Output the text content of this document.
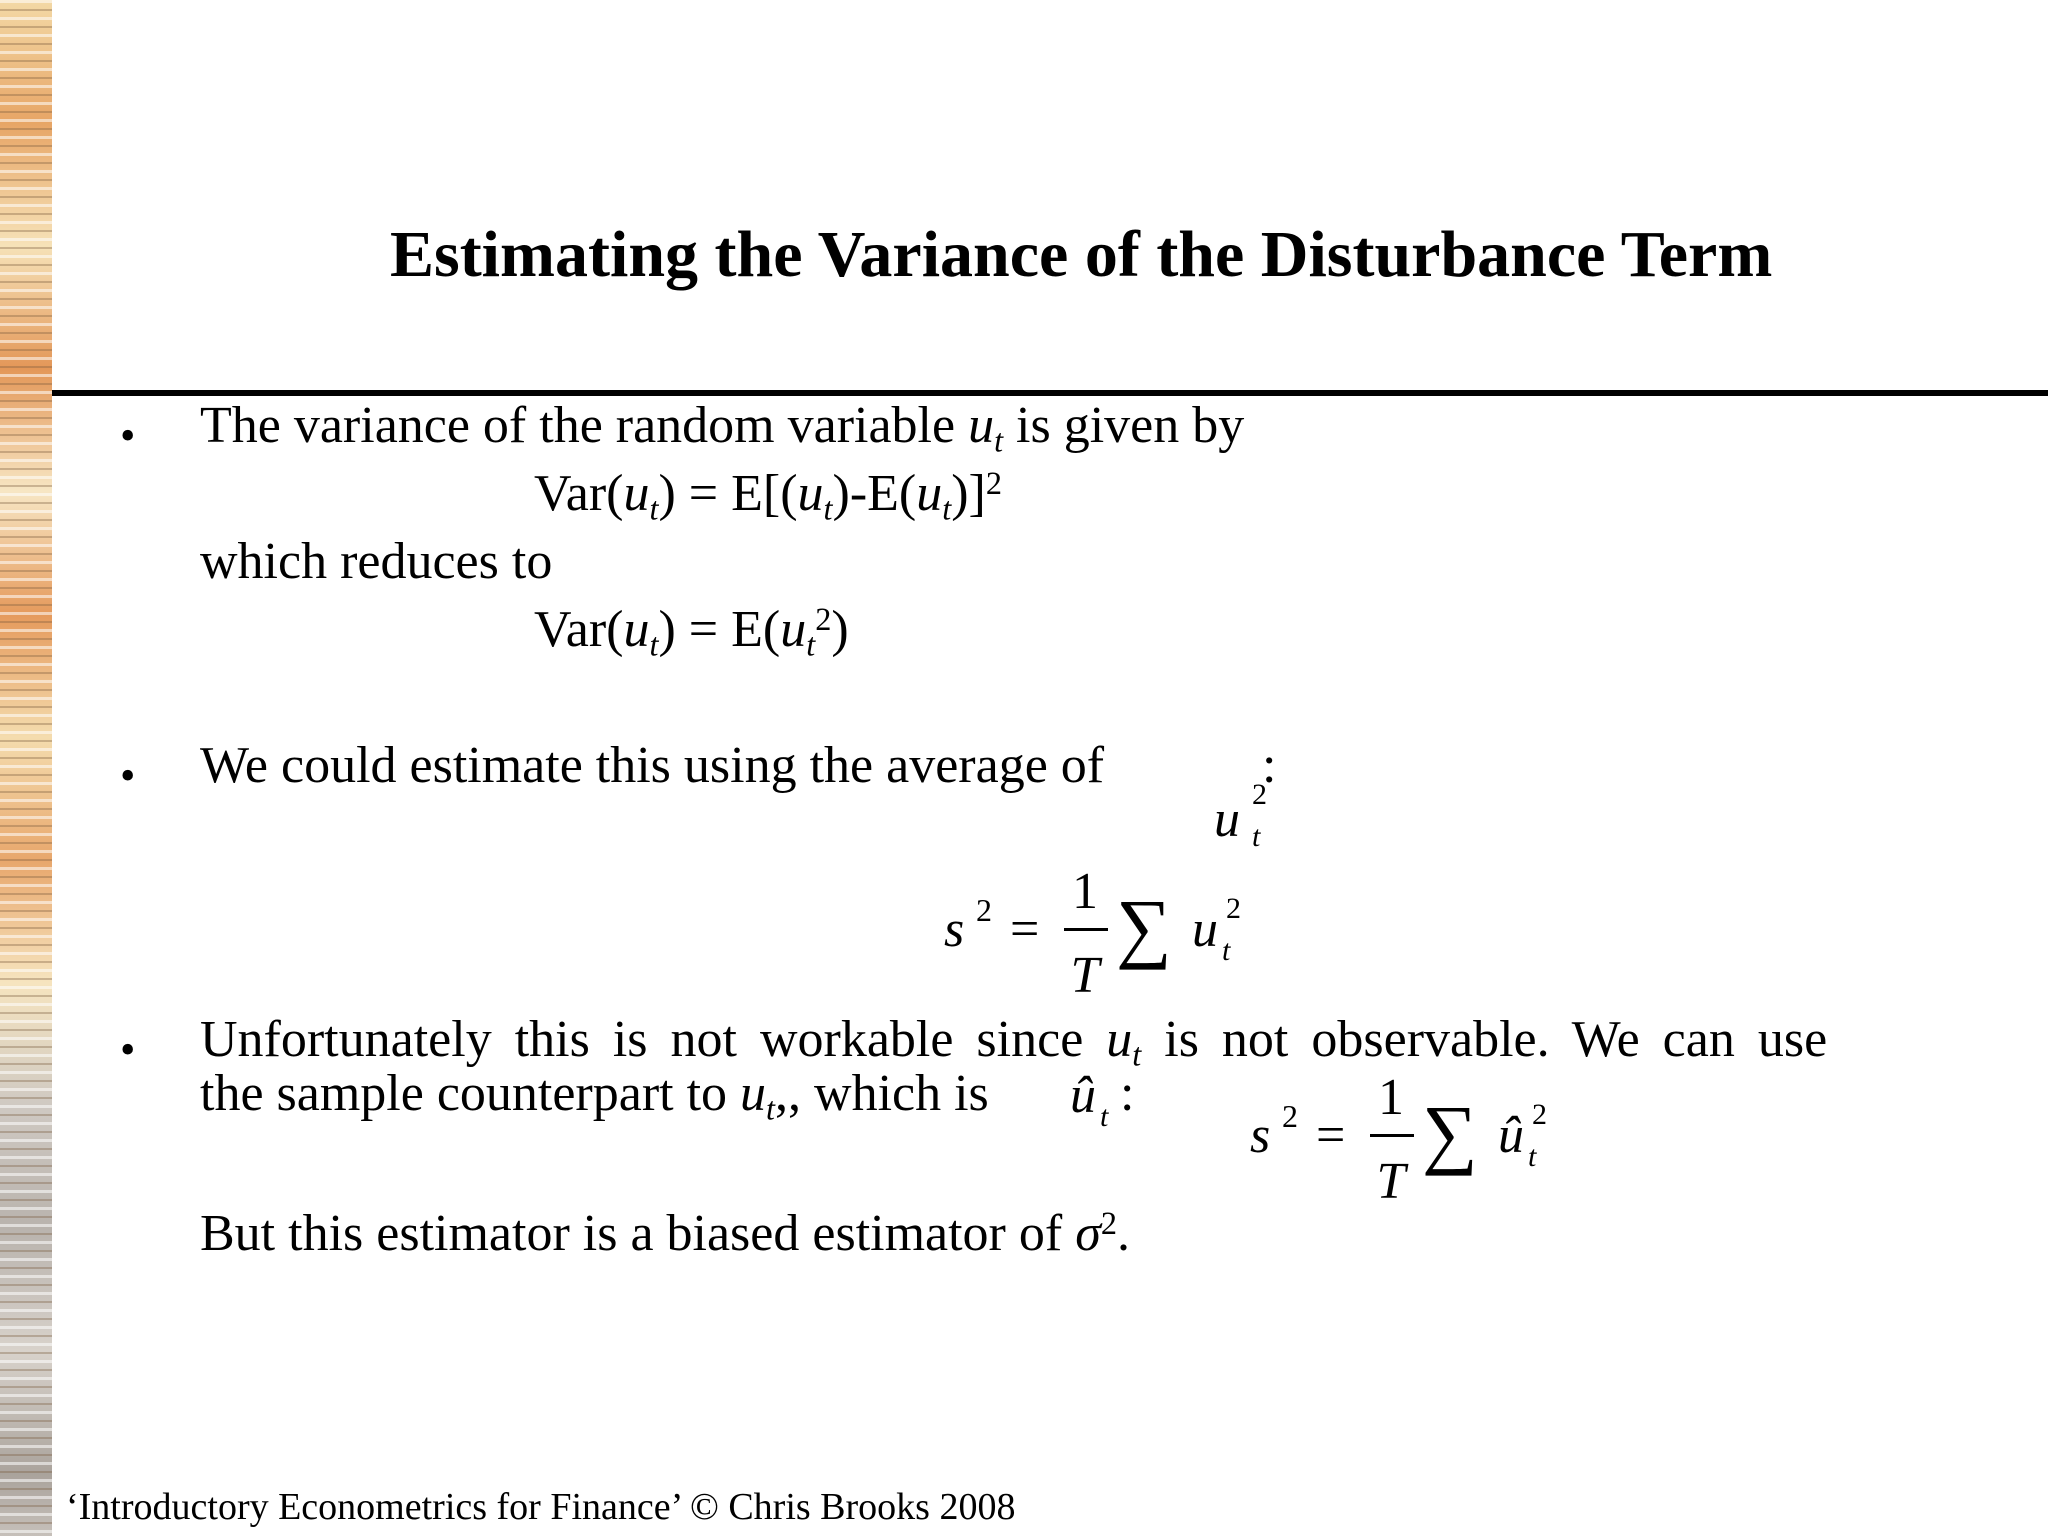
Estimating the Variance of the Disturbance Term
• The variance of the random variable $u_t$ is given by
$Var(u_t) = E[(u_t)-E(u_t)]^2$
which reduces to
$Var(u_t) = E(u_t^2)$
• We could estimate this using the average of	:
u t
2
s 2 =
1
T
∑ u t
2
• Unfortunately this is not workable since $u_t$ is not observable. We can use
the sample counterpart to $u_t$,, which is û t :
s 2 =
1
T
∑ û t
2
But this estimator is a biased estimator of $\sigma^2$.
‘Introductory Econometrics for Finance’ © Chris Brooks 2008
